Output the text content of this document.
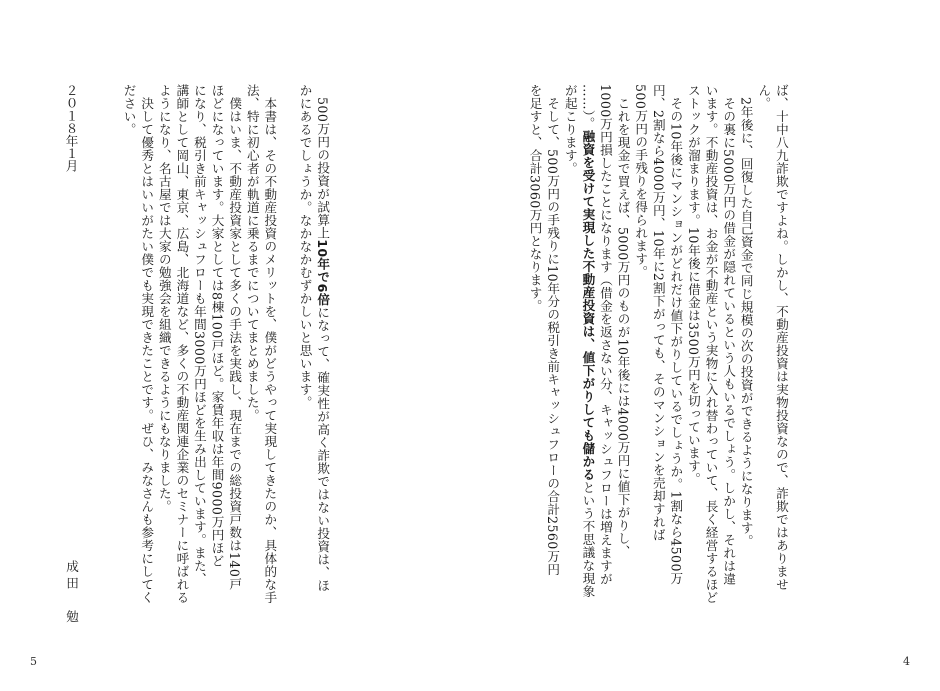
ば、十中八九詐欺ですよね。しかし、不動産投資は実物投資なので、詐欺ではありませ
ん。
　2年後に、回復した自己資金で同じ規模の次の投資ができるようになります。
　その裏に5000万円の借金が隠れているという人もいるでしょう。しかし、それは違
います。不動産投資は、お金が不動産という実物に入れ替わっていて、長く経営するほど
ストックが溜まります。10年後に借金は3500万円を切っています。
　その10年後にマンションがどれだけ値下がりしているでしょうか。1割なら4500万
円、2割なら4000万円、10年に2割下がっても、そのマンションを売却すれば
500万円の手残りを得られます。
　これを現金で買えば、5000万円のものが10年後には4000万円に値下がりし、
1000万円損したことになります（借金を返さない分、キャッシュフローは増えますが
……）。融資を受けて実現した不動産投資は、値下がりしても儲かるという不思議な現象
が起こります。
　そして、500万円の手残りに10年分の税引き前キャッシュフローの合計2560万円
を足すと、合計3060万円となります。
　500万円の投資が試算上10年で6倍になって、確実性が高く詐欺ではない投資は、ほ
かにあるでしょうか。なかなかむずかしいと思います。

　本書は、その不動産投資のメリットを、僕がどうやって実現してきたのか、具体的な手
法、特に初心者が軌道に乗るまでについてまとめました。
　僕はいま、不動産投資家として多くの手法を実践し、現在までの総投資戸数は140戸
ほどになっています。大家としては8棟100戸ほど。家賃年収は年間9000万円ほど
になり、税引き前キャッシュフローも年間3000万円ほどを生み出しています。また、
講師として岡山、東京、広島、北海道など、多くの不動産関連企業のセミナーに呼ばれる
ようになり、名古屋では大家の勉強会を組織できるようにもなりました。
　決して優秀とはいいがたい僕でも実現できたことです。ぜひ、みなさんも参考にしてく
ださい。
２０１８年１月
成田　勉
5	4
